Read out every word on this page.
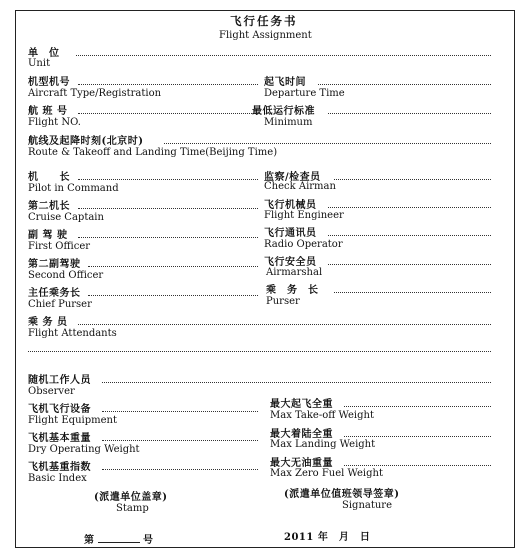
飞行任务书
Flight Assignment
单　位
Unit
机型机号	起飞时间
Aircraft Type/Registration	Departure Time
航 班 号	最低运行标准
Flight NO.	Minimum
航线及起降时刻(北京时)
Route & Takeoff and Landing Time(Beijing Time)
机　　长	监察/检查员
Pilot in Command	Check Airman
第二机长	飞行机械员
Cruise Captain	Flight Engineer
副 驾 驶	飞行通讯员
First Officer	Radio Operator
第二副驾驶	飞行安全员
Second Officer	Airmarshal
主任乘务长	乘　务　长
Chief Purser	Purser
乘 务 员
Flight Attendants
随机工作人员
Observer
飞机飞行设备	最大起飞全重
Flight Equipment	Max Take-off Weight
飞机基本重量	最大着陆全重
Dry Operating Weight	Max Landing Weight
飞机基重指数	最大无油重量
Basic Index	Max Zero Fuel Weight
(派遣单位盖章)
Stamp
(派遣单位值班领导签章)
Signature
第	号	2011 年　月　日
